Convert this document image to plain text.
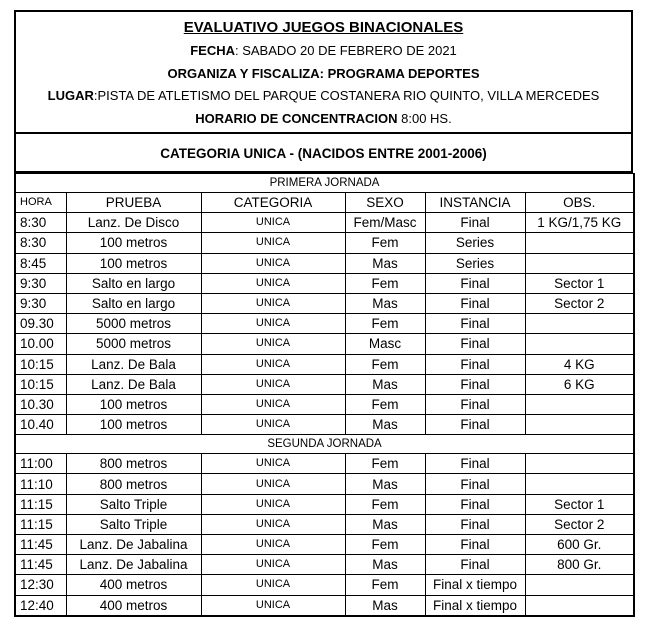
EVALUATIVO JUEGOS BINACIONALES
FECHA: SABADO 20 DE FEBRERO DE 2021
ORGANIZA Y FISCALIZA: PROGRAMA DEPORTES
LUGAR:PISTA DE ATLETISMO DEL PARQUE COSTANERA RIO QUINTO, VILLA MERCEDES
HORARIO DE CONCENTRACION 8:00 HS.
CATEGORIA UNICA - (NACIDOS ENTRE 2001-2006)
PRIMERA JORNADA					
HORA	PRUEBA	CATEGORIA	SEXO	INSTANCIA	OBS.
8:30	Lanz. De Disco	UNICA	Fem/Masc	Final	1 KG/1,75 KG
8:30	100 metros	UNICA	Fem	Series	
8:45	100 metros	UNICA	Mas	Series	
9:30	Salto en largo	UNICA	Fem	Final	Sector 1
9:30	Salto en largo	UNICA	Mas	Final	Sector 2
09.30	5000 metros	UNICA	Fem	Final	
10.00	5000 metros	UNICA	Masc	Final	
10:15	Lanz. De Bala	UNICA	Fem	Final	4 KG
10:15	Lanz. De Bala	UNICA	Mas	Final	6 KG
10.30	100 metros	UNICA	Fem	Final	
10.40	100 metros	UNICA	Mas	Final	
SEGUNDA JORNADA					
11:00	800 metros	UNICA	Fem	Final	
11:10	800 metros	UNICA	Mas	Final	
11:15	Salto Triple	UNICA	Fem	Final	Sector 1
11:15	Salto Triple	UNICA	Mas	Final	Sector 2
11:45	Lanz. De Jabalina	UNICA	Fem	Final	600 Gr.
11:45	Lanz. De Jabalina	UNICA	Mas	Final	800 Gr.
12:30	400 metros	UNICA	Fem	Final x tiempo	
12:40	400 metros	UNICA	Mas	Final x tiempo	
